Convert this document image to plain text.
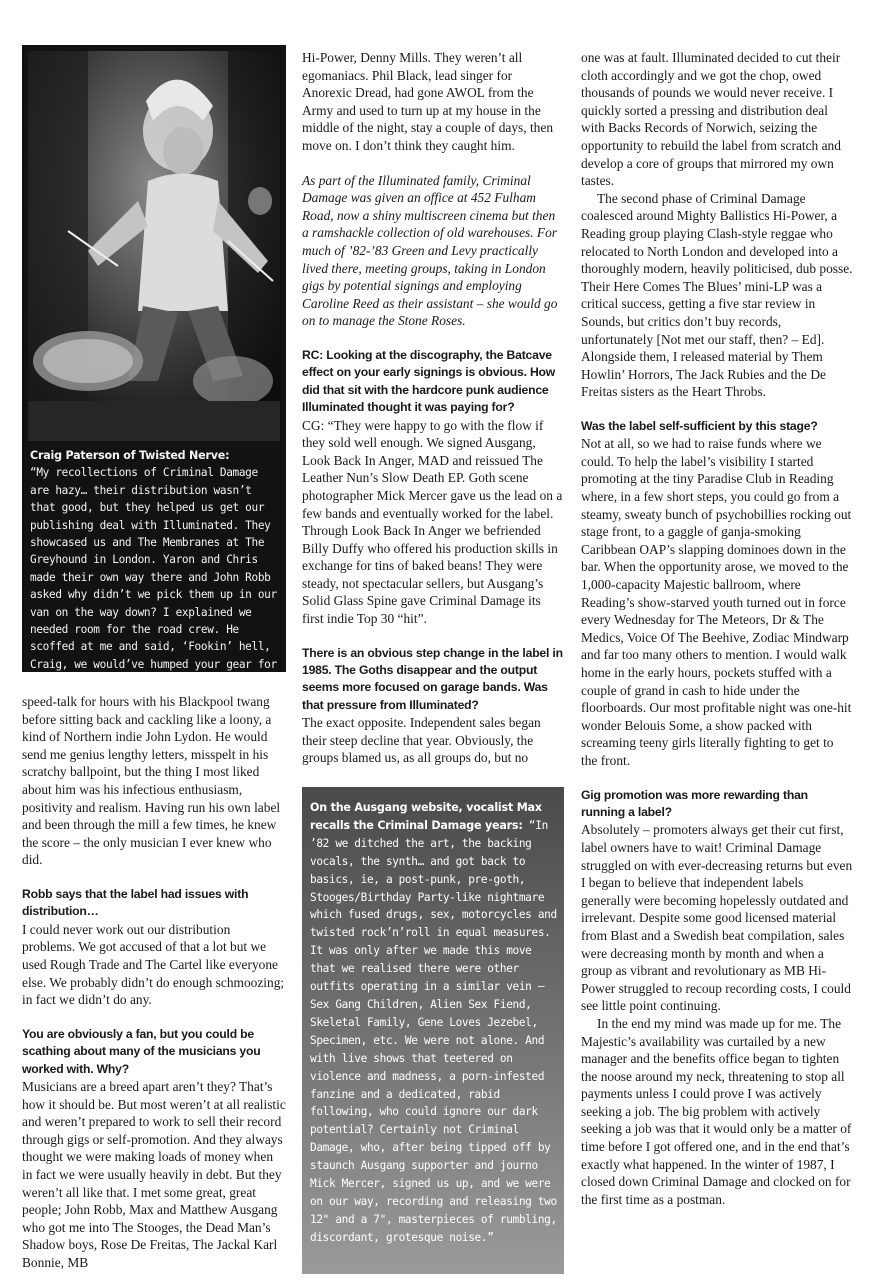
Craig Paterson of Twisted Nerve:
“My recollections of Criminal Damage are hazy… their distribution wasn’t that good, but they helped us get our publishing deal with Illuminated. They showcased us and The Membranes at The Greyhound in London. Yaron and Chris made their own way there and John Robb asked why didn’t we pick them up in our van on the way down? I explained we needed room for the road crew. He scoffed at me and said, ‘Fookin’ hell, Craig, we would’ve humped your gear for

speed-talk for hours with his Blackpool twang before sitting back and cackling like a loony, a kind of Northern indie John Lydon. He would send me genius lengthy letters, misspelt in his scratchy ballpoint, but the thing I most liked about him was his infectious enthusiasm, positivity and realism. Having run his own label and been through the mill a few times, he knew the score – the only musician I ever knew who did.

Robb says that the label had issues with distribution…

I could never work out our distribution problems. We got accused of that a lot but we used Rough Trade and The Cartel like everyone else. We probably didn’t do enough schmoozing; in fact we didn’t do any.

You are obviously a fan, but you could be scathing about many of the musicians you worked with. Why?

Musicians are a breed apart aren’t they? That’s how it should be. But most weren’t at all realistic and weren’t prepared to work to sell their record through gigs or self-promotion. And they always thought we were making loads of money when in fact we were usually heavily in debt. But they weren’t all like that. I met some great, great people; John Robb, Max and Matthew Ausgang who got me into The Stooges, the Dead Man’s Shadow boys, Rose De Freitas, The Jackal Karl Bonnie, MB

Hi-Power, Denny Mills. They weren’t all egomaniacs. Phil Black, lead singer for Anorexic Dread, had gone AWOL from the Army and used to turn up at my house in the middle of the night, stay a couple of days, then move on. I don’t think they caught him.

As part of the Illuminated family, Criminal Damage was given an office at 452 Fulham Road, now a shiny multiscreen cinema but then a ramshackle collection of old warehouses. For much of ’82-’83 Green and Levy practically lived there, meeting groups, taking in London gigs by potential signings and employing Caroline Reed as their assistant – she would go on to manage the Stone Roses.

RC: Looking at the discography, the Batcave effect on your early signings is obvious. How did that sit with the hardcore punk audience Illuminated thought it was paying for?

CG: “They were happy to go with the flow if they sold well enough. We signed Ausgang, Look Back In Anger, MAD and reissued The Leather Nun’s Slow Death EP. Goth scene photographer Mick Mercer gave us the lead on a few bands and eventually worked for the label. Through Look Back In Anger we befriended Billy Duffy who offered his production skills in exchange for tins of baked beans! They were steady, not spectacular sellers, but Ausgang’s Solid Glass Spine gave Criminal Damage its first indie Top 30 “hit”.

There is an obvious step change in the label in 1985. The Goths disappear and the output seems more focused on garage bands. Was that pressure from Illuminated?

The exact opposite. Independent sales began their steep decline that year. Obviously, the groups blamed us, as all groups do, but no

On the Ausgang website, vocalist Max recalls the Criminal Damage years: “In ’82 we ditched the art, the backing vocals, the synth… and got back to basics, ie, a post-punk, pre-goth, Stooges/Birthday Party-like nightmare which fused drugs, sex, motorcycles and twisted rock’n’roll in equal measures. It was only after we made this move that we realised there were other outfits operating in a similar vein – Sex Gang Children, Alien Sex Fiend, Skeletal Family, Gene Loves Jezebel, Specimen, etc. We were not alone. And with live shows that teetered on violence and madness, a porn-infested fanzine and a dedicated, rabid following, who could ignore our dark potential? Certainly not Criminal Damage, who, after being tipped off by staunch Ausgang supporter and journo Mick Mercer, signed us up, and we were on our way, recording and releasing two 12" and a 7", masterpieces of rumbling, discordant, grotesque noise.”

one was at fault. Illuminated decided to cut their cloth accordingly and we got the chop, owed thousands of pounds we would never receive. I quickly sorted a pressing and distribution deal with Backs Records of Norwich, seizing the opportunity to rebuild the label from scratch and develop a core of groups that mirrored my own tastes.

The second phase of Criminal Damage coalesced around Mighty Ballistics Hi-Power, a Reading group playing Clash-style reggae who relocated to North London and developed into a thoroughly modern, heavily politicised, dub posse. Their Here Comes The Blues’ mini-LP was a critical success, getting a five star review in Sounds, but critics don’t buy records, unfortunately [Not met our staff, then? – Ed]. Alongside them, I released material by Them Howlin’ Horrors, The Jack Rubies and the De Freitas sisters as the Heart Throbs.

Was the label self-sufficient by this stage?

Not at all, so we had to raise funds where we could. To help the label’s visibility I started promoting at the tiny Paradise Club in Reading where, in a few short steps, you could go from a steamy, sweaty bunch of psychobillies rocking out stage front, to a gaggle of ganja-smoking Caribbean OAP’s slapping dominoes down in the bar. When the opportunity arose, we moved to the 1,000-capacity Majestic ballroom, where Reading’s show-starved youth turned out in force every Wednesday for The Meteors, Dr & The Medics, Voice Of The Beehive, Zodiac Mindwarp and far too many others to mention. I would walk home in the early hours, pockets stuffed with a couple of grand in cash to hide under the floorboards. Our most profitable night was one-hit wonder Belouis Some, a show packed with screaming teeny girls literally fighting to get to the front.

Gig promotion was more rewarding than running a label?

Absolutely – promoters always get their cut first, label owners have to wait! Criminal Damage struggled on with ever-decreasing returns but even I began to believe that independent labels generally were becoming hopelessly outdated and irrelevant. Despite some good licensed material from Blast and a Swedish beat compilation, sales were decreasing month by month and when a group as vibrant and revolutionary as MB Hi-Power struggled to recoup recording costs, I could see little point continuing.

In the end my mind was made up for me. The Majestic’s availability was curtailed by a new manager and the benefits office began to tighten the noose around my neck, threatening to stop all payments unless I could prove I was actively seeking a job. The big problem with actively seeking a job was that it would only be a matter of time before I got offered one, and in the end that’s exactly what happened. In the winter of 1987, I closed down Criminal Damage and clocked on for the first time as a postman.
